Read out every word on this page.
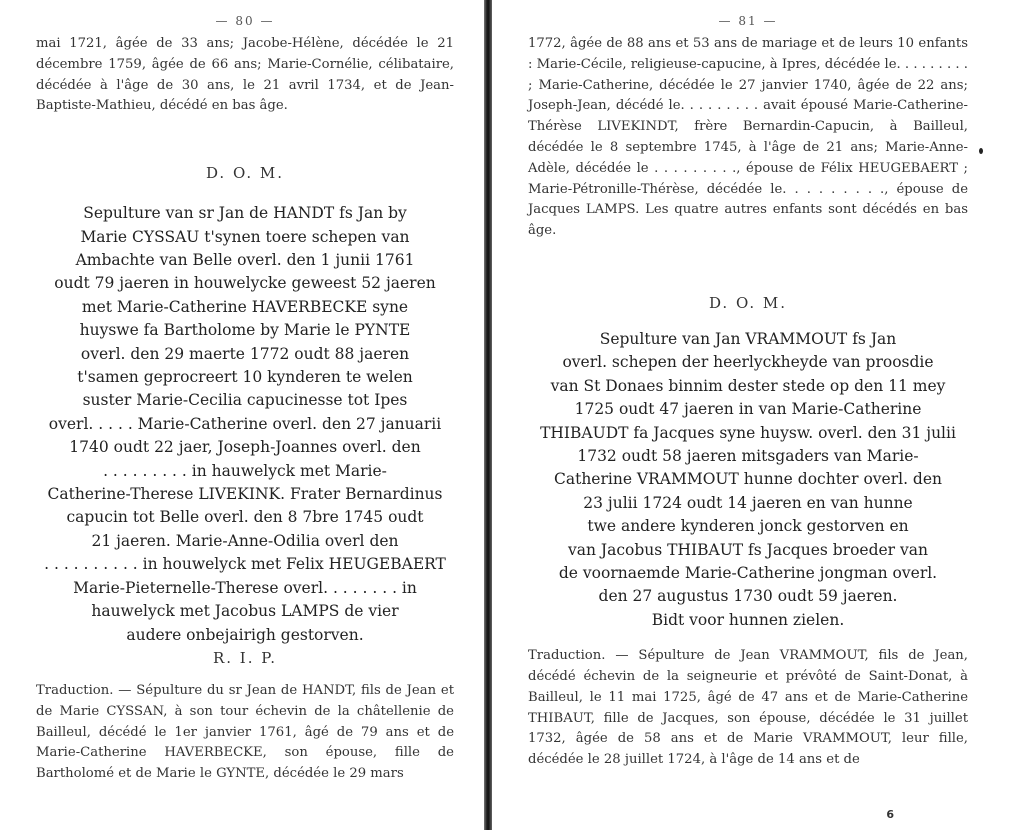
— 80 —

mai 1721, âgée de 33 ans; Jacobe-Hélène, décédée le 21 décembre 1759, âgée de 66 ans; Marie-Cornélie, célibataire, décédée à l'âge de 30 ans, le 21 avril 1734, et de Jean-Baptiste-Mathieu, décédé en bas âge.

D. O. M.

Sepulture van sr Jan de HANDT fs Jan by
Marie CYSSAU t'synen toere schepen van
Ambachte van Belle overl. den 1 junii 1761
oudt 79 jaeren in houwelycke geweest 52 jaeren
met Marie-Catherine HAVERBECKE syne
huyswe fa Bartholome by Marie le PYNTE
overl. den 29 maerte 1772 oudt 88 jaeren
t'samen geprocreert 10 kynderen te welen
suster Marie-Cecilia capucinesse tot Ipes
overl. . . . . Marie-Catherine overl. den 27 januarii
1740 oudt 22 jaer, Joseph-Joannes overl. den
. . . . . . . . . in hauwelyck met Marie-
Catherine-Therese LIVEKINK. Frater Bernardinus
capucin tot Belle overl. den 8 7bre 1745 oudt
21 jaeren. Marie-Anne-Odilia overl den
. . . . . . . . . . in houwelyck met Felix HEUGEBAERT
Marie-Pieternelle-Therese overl. . . . . . . . in
hauwelyck met Jacobus LAMPS de vier
audere onbejairigh gestorven.

R. I. P.

Traduction. — Sépulture du sr Jean de HANDT, fils de Jean et de Marie CYSSAN, à son tour échevin de la châtellenie de Bailleul, décédé le 1er janvier 1761, âgé de 79 ans et de Marie-Catherine HAVERBECKE, son épouse, fille de Bartholomé et de Marie le GYNTE, décédée le 29 mars

— 81 —

1772, âgée de 88 ans et 53 ans de mariage et de leurs 10 enfants : Marie-Cécile, religieuse-capucine, à Ipres, décédée le. . . . . . . . . ; Marie-Catherine, décédée le 27 janvier 1740, âgée de 22 ans; Joseph-Jean, décédé le. . . . . . . . . avait épousé Marie-Catherine-Thérèse LIVEKINDT, frère Bernardin-Capucin, à Bailleul, décédée le 8 septembre 1745, à l'âge de 21 ans; Marie-Anne-Adèle, décédée le . . . . . . . . ., épouse de Félix HEUGEBAERT ; Marie-Pétronille-Thérèse, décédée le. . . . . . . . ., épouse de Jacques LAMPS. Les quatre autres enfants sont décédés en bas âge.

D. O. M.

Sepulture van Jan VRAMMOUT fs Jan
overl. schepen der heerlyckheyde van proosdie
van St Donaes binnim dester stede op den 11 mey
1725 oudt 47 jaeren in van Marie-Catherine
THIBAUDT fa Jacques syne huysw. overl. den 31 julii
1732 oudt 58 jaeren mitsgaders van Marie-
Catherine VRAMMOUT hunne dochter overl. den
23 julii 1724 oudt 14 jaeren en van hunne
twe andere kynderen jonck gestorven en
van Jacobus THIBAUT fs Jacques broeder van
de voornaemde Marie-Catherine jongman overl.
den 27 augustus 1730 oudt 59 jaeren.
Bidt voor hunnen zielen.

Traduction. — Sépulture de Jean VRAMMOUT, fils de Jean, décédé échevin de la seigneurie et prévôté de Saint-Donat, à Bailleul, le 11 mai 1725, âgé de 47 ans et de Marie-Catherine THIBAUT, fille de Jacques, son épouse, décédée le 31 juillet 1732, âgée de 58 ans et de Marie VRAMMOUT, leur fille, décédée le 28 juillet 1724, à l'âge de 14 ans et de

6
